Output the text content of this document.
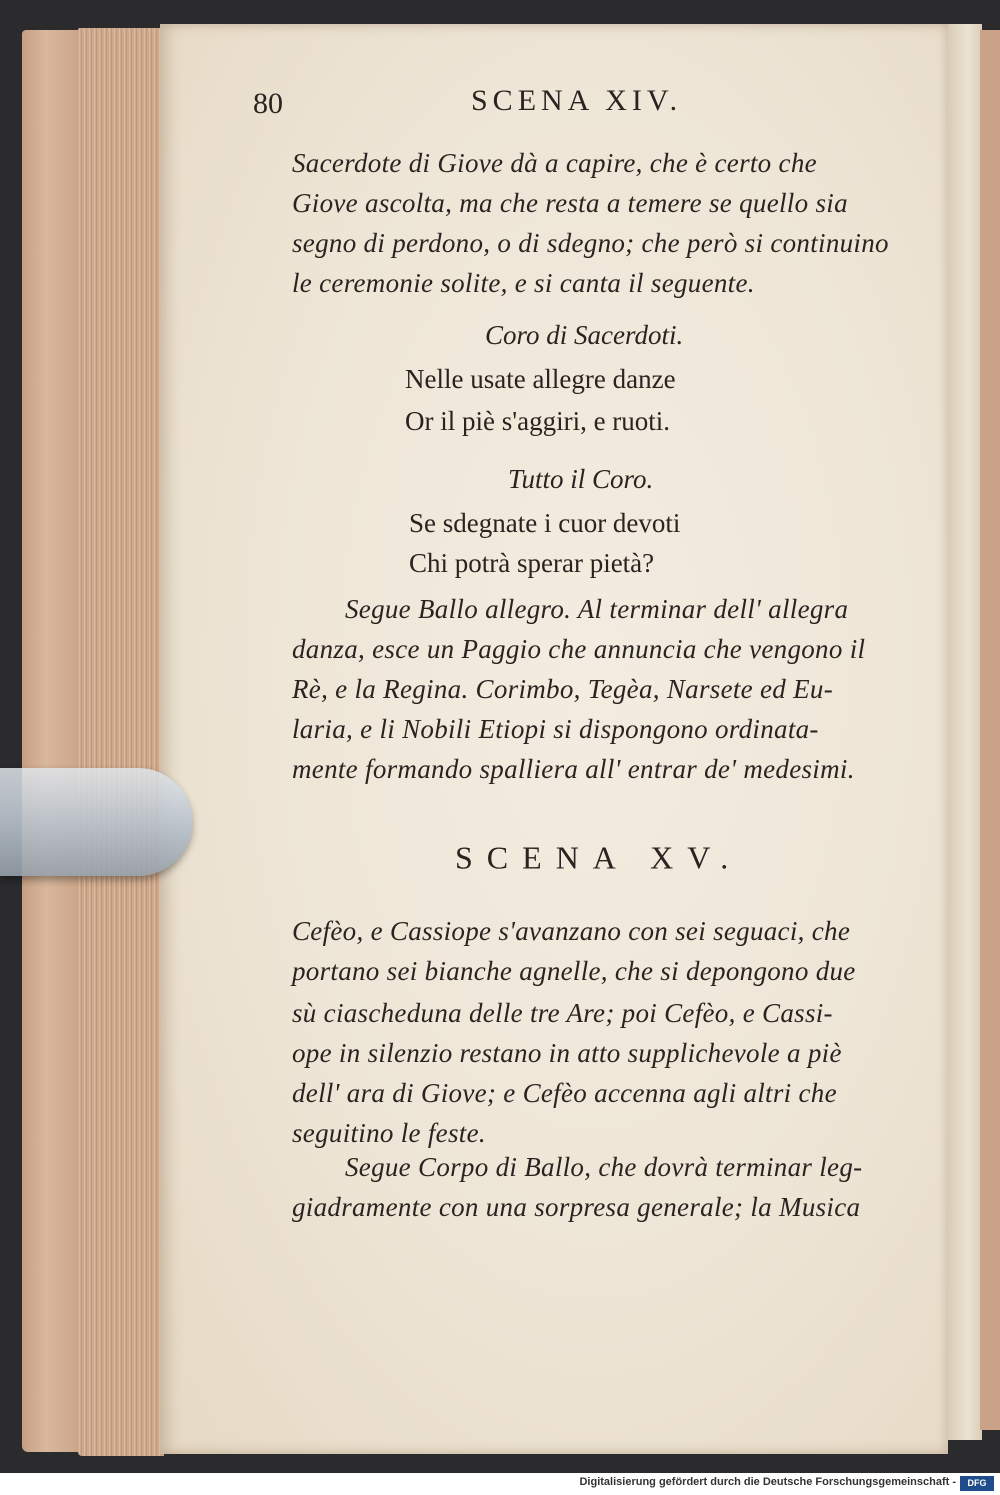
80	SCENA XIV.
Sacerdote di Giove dà a capire, che è certo che
Giove ascolta, ma che resta a temere se quello sia
segno di perdono, o di sdegno; che però si continuino
le ceremonie solite, e si canta il seguente.
Coro di Sacerdoti.
Nelle usate allegre danze
Or il piè s'aggiri, e ruoti.
Tutto il Coro.
Se sdegnate i cuor devoti
Chi potrà sperar pietà?
Segue Ballo allegro. Al terminar dell' allegra
danza, esce un Paggio che annuncia che vengono il
Rè, e la Regina. Corimbo, Tegèa, Narsete ed Eu-
laria, e li Nobili Etiopi si dispongono ordinata-
mente formando spalliera all' entrar de' medesimi.
SCENA XV.
Cefèo, e Cassiope s'avanzano con sei seguaci, che
portano sei bianche agnelle, che si depongono due
sù ciascheduna delle tre Are; poi Cefèo, e Cassi-
ope in silenzio restano in atto supplichevole a piè
dell' ara di Giove; e Cefèo accenna agli altri che
seguitino le feste.
Segue Corpo di Ballo, che dovrà terminar leg-
giadramente con una sorpresa generale; la Musica
Digitalisierung gefördert durch die Deutsche Forschungsgemeinschaft -	DFG
